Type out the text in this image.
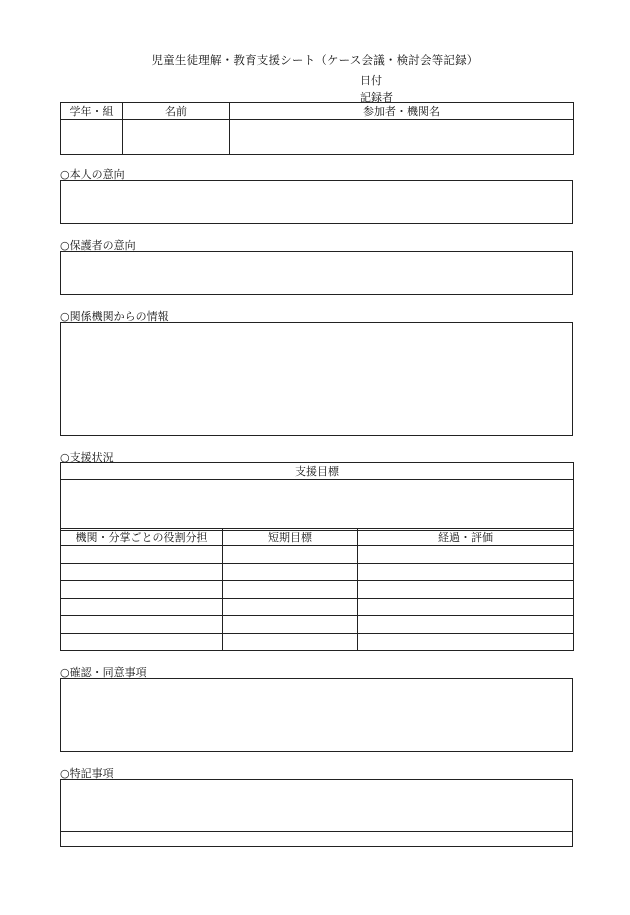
児童生徒理解・教育支援シート（ケース会議・検討会等記録）
日付
記録者
学年・組	名前	参加者・機関名

○本人の意向
○保護者の意向
○関係機関からの情報
○支援状況
支援目標

機関・分掌ごとの役割分担	短期目標	経過・評価

○確認・同意事項
○特記事項
